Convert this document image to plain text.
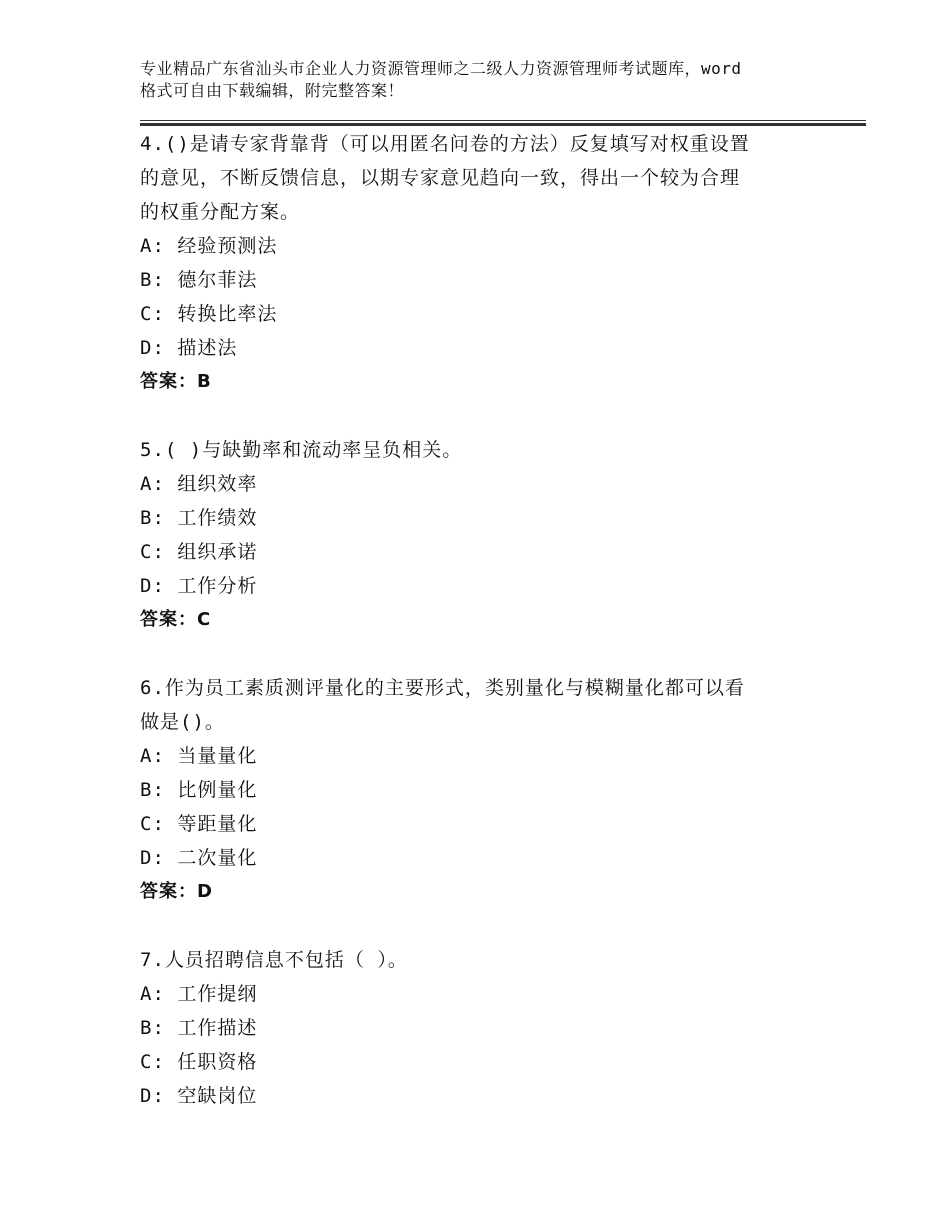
专业精品广东省汕头市企业人力资源管理师之二级人力资源管理师考试题库，word
格式可自由下载编辑，附完整答案！
4.()是请专家背靠背（可以用匿名问卷的方法）反复填写对权重设置
的意见，不断反馈信息，以期专家意见趋向一致，得出一个较为合理
的权重分配方案。
A: 经验预测法
B: 德尔菲法
C: 转换比率法
D: 描述法
答案：B
5.( )与缺勤率和流动率呈负相关。
A: 组织效率
B: 工作绩效
C: 组织承诺
D: 工作分析
答案：C
6.作为员工素质测评量化的主要形式，类别量化与模糊量化都可以看
做是()。
A: 当量量化
B: 比例量化
C: 等距量化
D: 二次量化
答案：D
7.人员招聘信息不包括（ ）。
A: 工作提纲
B: 工作描述
C: 任职资格
D: 空缺岗位
